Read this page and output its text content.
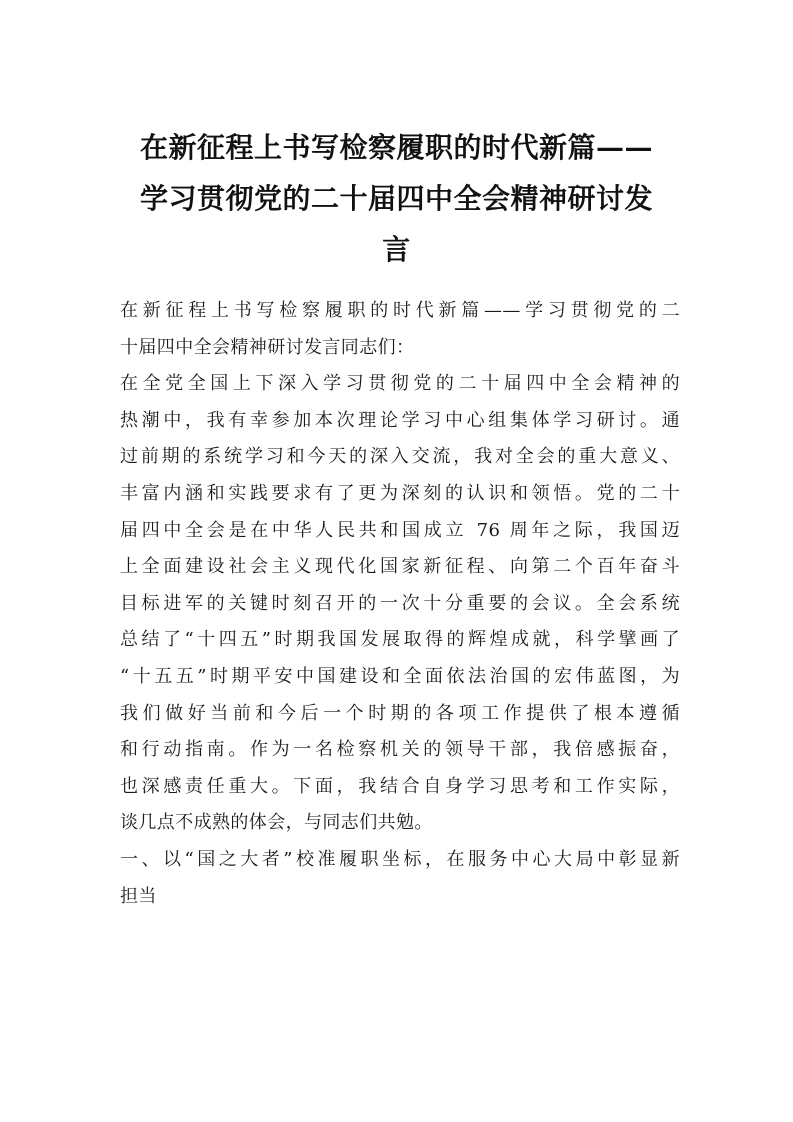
在新征程上书写检察履职的时代新篇——
学习贯彻党的二十届四中全会精神研讨发
言
在新征程上书写检察履职的时代新篇——学习贯彻党的二
十届四中全会精神研讨发言同志们：
在全党全国上下深入学习贯彻党的二十届四中全会精神的
热潮中，我有幸参加本次理论学习中心组集体学习研讨。通
过前期的系统学习和今天的深入交流，我对全会的重大意义、
丰富内涵和实践要求有了更为深刻的认识和领悟。党的二十
届四中全会是在中华人民共和国成立 76 周年之际，我国迈
上全面建设社会主义现代化国家新征程、向第二个百年奋斗
目标进军的关键时刻召开的一次十分重要的会议。全会系统
总结了“十四五”时期我国发展取得的辉煌成就，科学擘画了
“十五五”时期平安中国建设和全面依法治国的宏伟蓝图，为
我们做好当前和今后一个时期的各项工作提供了根本遵循
和行动指南。作为一名检察机关的领导干部，我倍感振奋，
也深感责任重大。下面，我结合自身学习思考和工作实际，
谈几点不成熟的体会，与同志们共勉。
一、以“国之大者”校准履职坐标，在服务中心大局中彰显新
担当
